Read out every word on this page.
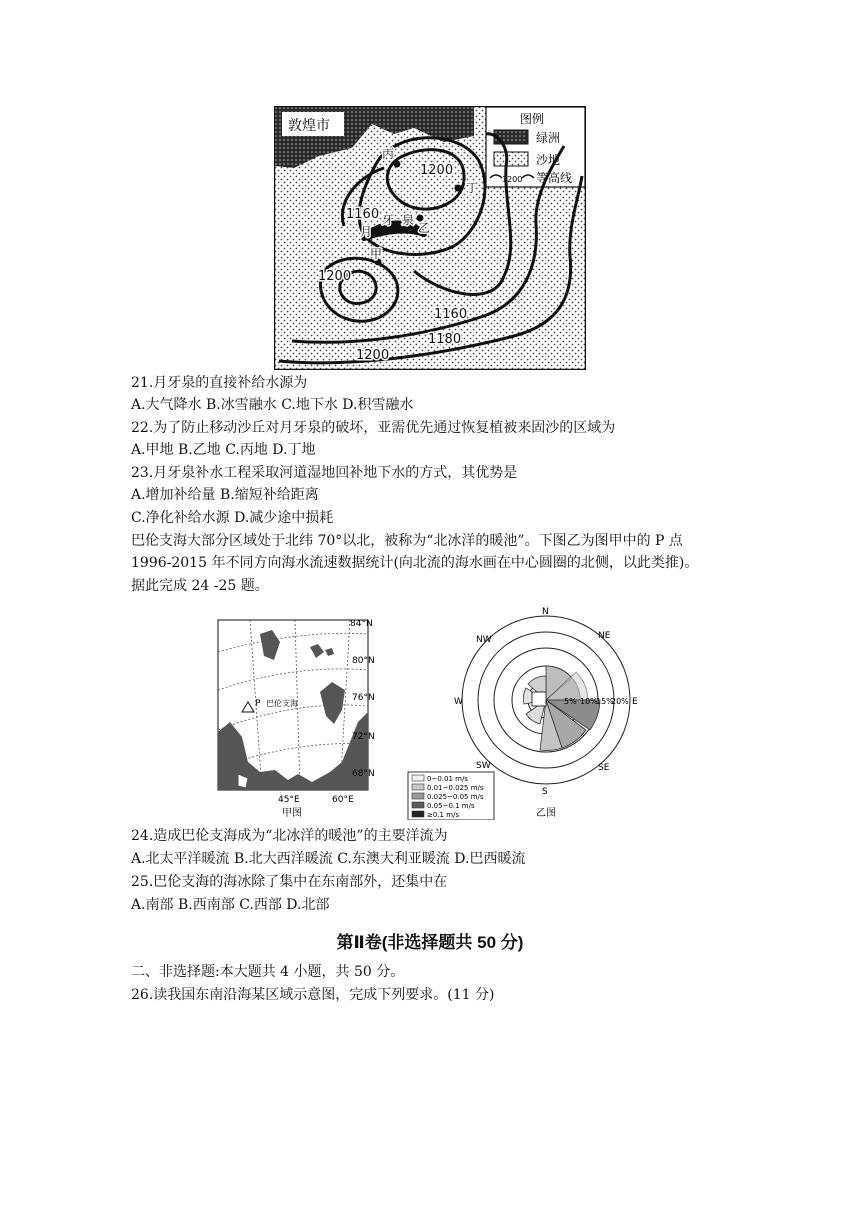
敦煌市	图例
绿洲
沙地
1200 等高线
1200
1160
1200
1160
1180
1200
丙
丁
乙
甲
月
牙 泉
21.月牙泉的直接补给水源为
A.大气降水 B.冰雪融水 C.地下水 D.积雪融水
22.为了防止移动沙丘对月牙泉的破坏，亚需优先通过恢复植被来固沙的区域为
A.甲地 B.乙地 C.丙地 D.丁地
23.月牙泉补水工程采取河道湿地回补地下水的方式，其优势是
A.增加补给量 B.缩短补给距离
C.净化补给水源 D.减少途中损耗
巴伦支海大部分区域处于北纬 70°以北，被称为“北冰洋的暖池”。下图乙为图甲中的 P 点
1996-2015 年不同方向海水流速数据统计(向北流的海水画在中心圆圈的北侧，以此类推)。
据此完成 24 -25 题。
P 巴伦支海
84°N
80°N
76°N
72°N
68°N
45°E	60°E
甲图
5% 10%
15%
20%
N
NE
E
SE
S
SW
W
NW
0~0.01 m/s
0.01~0.025 m/s
0.025~0.05 m/s
0.05~0.1 m/s
≥0.1 m/s	乙图
24.造成巴伦支海成为“北冰洋的暖池”的主要洋流为
A.北太平洋暖流 B.北大西洋暖流 C.东澳大利亚暖流 D.巴西暖流
25.巴伦支海的海冰除了集中在东南部外，还集中在
A.南部 B.西南部 C.西部 D.北部
第Ⅱ卷(非选择题共 50 分)
二、非选择题:本大题共 4 小题，共 50 分。
26.读我国东南沿海某区域示意图，完成下列要求。(11 分)
